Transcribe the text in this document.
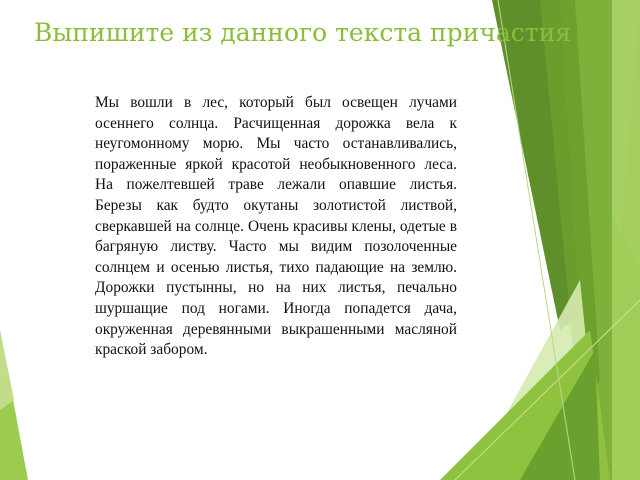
Выпишите из данного текста причастия

Мы вошли в лес, который был освещен лучами осеннего солнца. Расчищенная дорожка вела к неугомонному морю. Мы часто останавливались, пораженные яркой красотой необыкновенного леса. На пожелтевшей траве лежали опавшие листья. Березы как будто окутаны золотистой листвой, сверкавшей на солнце. Очень красивы клены, одетые в багряную листву. Часто мы видим позолоченные солнцем и осенью листья, тихо падающие на землю. Дорожки пустынны, но на них листья, печально шуршащие под ногами. Иногда попадется дача, окруженная деревянными выкрашенными масляной краской забором.
